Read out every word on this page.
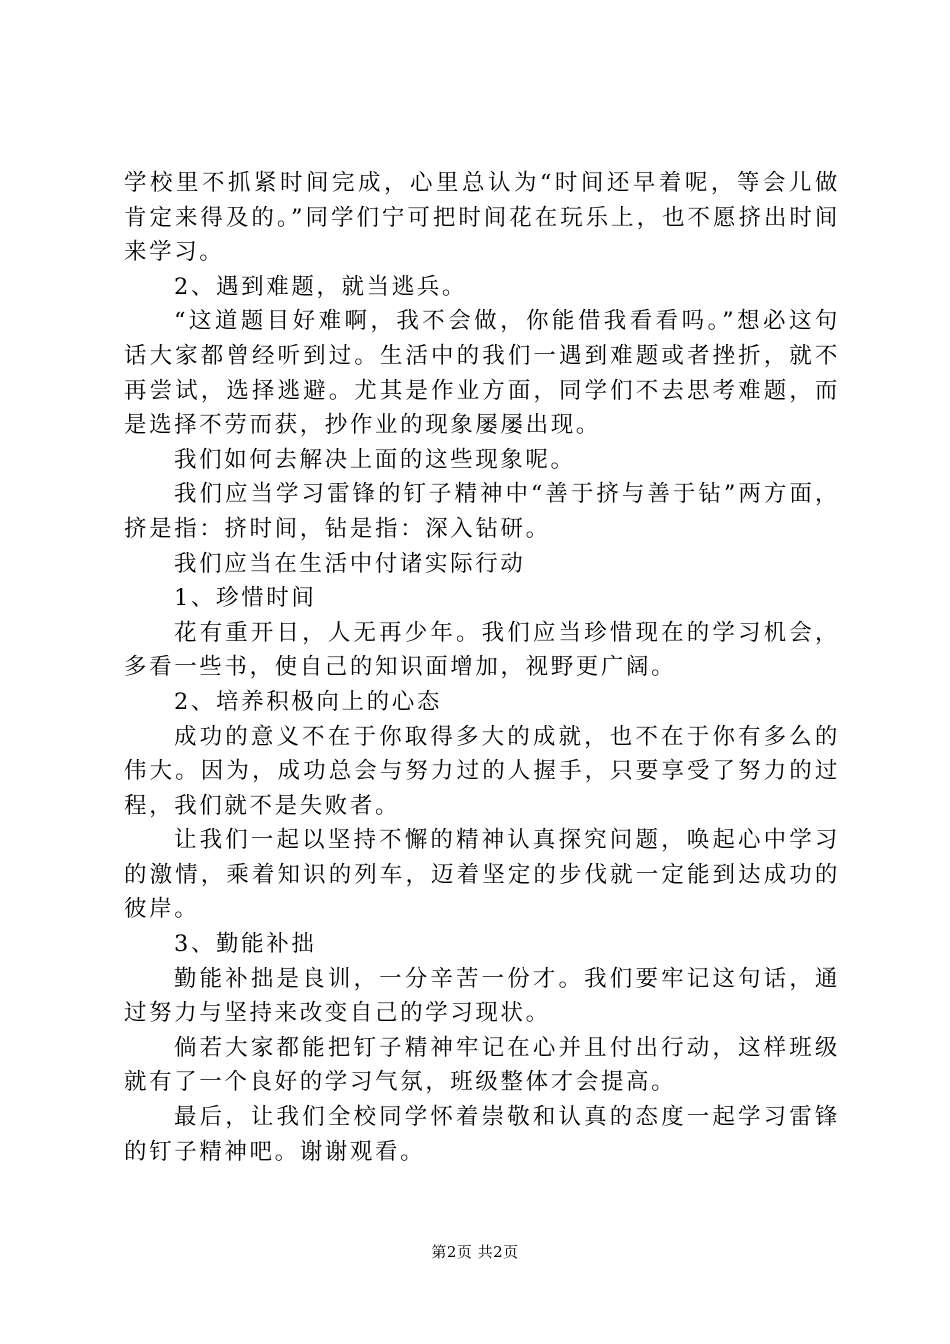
学校里不抓紧时间完成，心里总认为“时间还早着呢，等会儿做肯定来得及的。”同学们宁可把时间花在玩乐上，也不愿挤出时间来学习。

2、遇到难题，就当逃兵。

“这道题目好难啊，我不会做，你能借我看看吗。”想必这句话大家都曾经听到过。生活中的我们一遇到难题或者挫折，就不再尝试，选择逃避。尤其是作业方面，同学们不去思考难题，而是选择不劳而获，抄作业的现象屡屡出现。

我们如何去解决上面的这些现象呢。

我们应当学习雷锋的钉子精神中“善于挤与善于钻”两方面，挤是指：挤时间，钻是指：深入钻研。

我们应当在生活中付诸实际行动

1、珍惜时间

花有重开日，人无再少年。我们应当珍惜现在的学习机会，多看一些书，使自己的知识面增加，视野更广阔。

2、培养积极向上的心态

成功的意义不在于你取得多大的成就，也不在于你有多么的伟大。因为，成功总会与努力过的人握手，只要享受了努力的过程，我们就不是失败者。

让我们一起以坚持不懈的精神认真探究问题，唤起心中学习的激情，乘着知识的列车，迈着坚定的步伐就一定能到达成功的彼岸。

3、勤能补拙

勤能补拙是良训，一分辛苦一份才。我们要牢记这句话，通过努力与坚持来改变自己的学习现状。

倘若大家都能把钉子精神牢记在心并且付出行动，这样班级就有了一个良好的学习气氛，班级整体才会提高。

最后，让我们全校同学怀着崇敬和认真的态度一起学习雷锋的钉子精神吧。谢谢观看。

第2页 共2页
